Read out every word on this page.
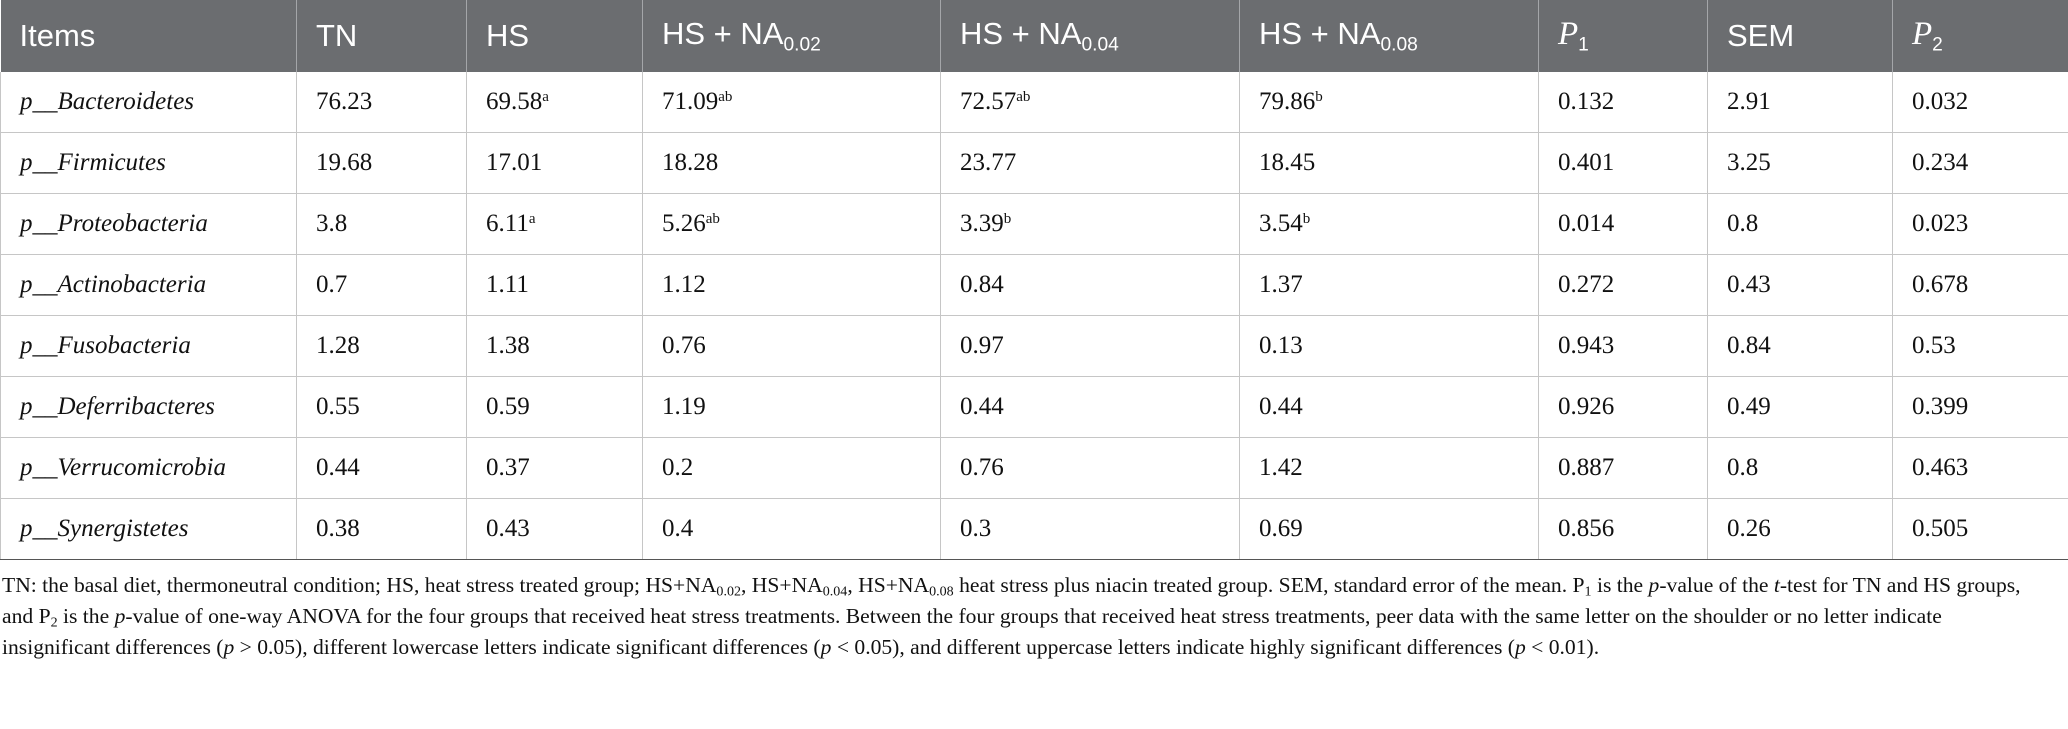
Items	TN	HS	HS + $NA_{0.02}$	HS + $NA_{0.04}$	HS + $NA_{0.08}$	$P_1$	SEM	$P_2$
p__Bacteroidetes	76.23	69.58$^a$	71.09$^{ab}$	72.57$^{ab}$	79.86$^b$	0.132	2.91	0.032
p__Firmicutes	19.68	17.01	18.28	23.77	18.45	0.401	3.25	0.234
p__Proteobacteria	3.8	6.11$^a$	5.26$^{ab}$	3.39$^b$	3.54$^b$	0.014	0.8	0.023
p__Actinobacteria	0.7	1.11	1.12	0.84	1.37	0.272	0.43	0.678
p__Fusobacteria	1.28	1.38	0.76	0.97	0.13	0.943	0.84	0.53
p__Deferribacteres	0.55	0.59	1.19	0.44	0.44	0.926	0.49	0.399
p__Verrucomicrobia	0.44	0.37	0.2	0.76	1.42	0.887	0.8	0.463
p__Synergistetes	0.38	0.43	0.4	0.3	0.69	0.856	0.26	0.505
TN: the basal diet, thermoneutral condition; HS, heat stress treated group; $HS+NA_{0.02}$, $HS+NA_{0.04}$, $HS+NA_{0.08}$ heat stress plus niacin treated group. SEM, standard error of the mean. $P_1$ is the p-value of the t-test for TN and HS groups, and $P_2$ is the p-value of one-way ANOVA for the four groups that received heat stress treatments. Between the four groups that received heat stress treatments, peer data with the same letter on the shoulder or no letter indicate insignificant differences (p > 0.05), different lowercase letters indicate significant differences (p < 0.05), and different uppercase letters indicate highly significant differences (p < 0.01).
